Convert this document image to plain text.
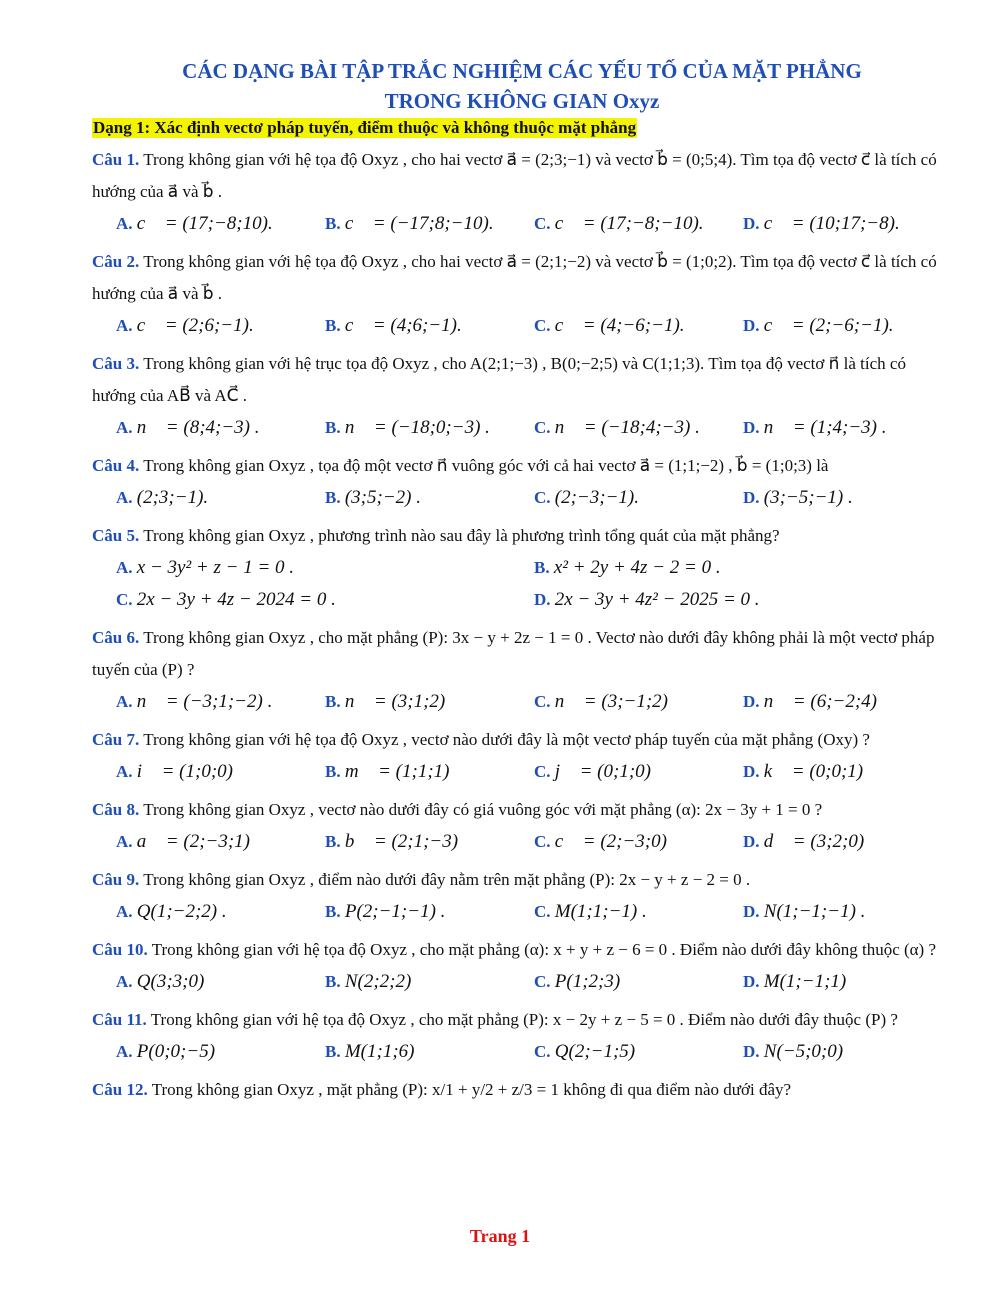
CÁC DẠNG BÀI TẬP TRẮC NGHIỆM CÁC YẾU TỐ CỦA MẶT PHẲNG
TRONG KHÔNG GIAN Oxyz
Dạng 1: Xác định vectơ pháp tuyến, điểm thuộc và không thuộc mặt phẳng
Câu 1. Trong không gian với hệ tọa độ Oxyz , cho hai vectơ a⃗ = (2;3;−1) và vectơ b⃗ = (0;5;4). Tìm tọa độ vectơ c⃗ là tích có hướng của a⃗ và b⃗ .
A. c⃗ = (17;−8;10).	B. c⃗ = (−17;8;−10).	C. c⃗ = (17;−8;−10).	D. c⃗ = (10;17;−8).
Câu 2. Trong không gian với hệ tọa độ Oxyz , cho hai vectơ a⃗ = (2;1;−2) và vectơ b⃗ = (1;0;2). Tìm tọa độ vectơ c⃗ là tích có hướng của a⃗ và b⃗ .
A. c⃗ = (2;6;−1).	B. c⃗ = (4;6;−1).	C. c⃗ = (4;−6;−1).	D. c⃗ = (2;−6;−1).
Câu 3. Trong không gian với hệ trục tọa độ Oxyz , cho A(2;1;−3) , B(0;−2;5) và C(1;1;3). Tìm tọa độ vectơ n⃗ là tích có hướng của AB⃗ và AC⃗ .
A. n⃗ = (8;4;−3) .	B. n⃗ = (−18;0;−3) .	C. n⃗ = (−18;4;−3) .	D. n⃗ = (1;4;−3) .
Câu 4. Trong không gian Oxyz , tọa độ một vectơ n⃗ vuông góc với cả hai vectơ a⃗ = (1;1;−2) , b⃗ = (1;0;3) là
A. (2;3;−1).	B. (3;5;−2) .	C. (2;−3;−1).	D. (3;−5;−1) .
Câu 5. Trong không gian Oxyz , phương trình nào sau đây là phương trình tổng quát của mặt phẳng?
A. x − 3y² + z − 1 = 0 .	B. x² + 2y + 4z − 2 = 0 .
C. 2x − 3y + 4z − 2024 = 0 .	D. 2x − 3y + 4z² − 2025 = 0 .
Câu 6. Trong không gian Oxyz , cho mặt phẳng (P): 3x − y + 2z − 1 = 0 . Vectơ nào dưới đây không phải là một vectơ pháp tuyến của (P) ?
A. n⃗ = (−3;1;−2) .	B. n⃗ = (3;1;2)	C. n⃗ = (3;−1;2)	D. n⃗ = (6;−2;4)
Câu 7. Trong không gian với hệ tọa độ Oxyz , vectơ nào dưới đây là một vectơ pháp tuyến của mặt phẳng (Oxy) ?
A. i⃗ = (1;0;0)	B. m⃗ = (1;1;1)	C. j⃗ = (0;1;0)	D. k⃗ = (0;0;1)
Câu 8. Trong không gian Oxyz , vectơ nào dưới đây có giá vuông góc với mặt phẳng (α): 2x − 3y + 1 = 0 ?
A. a⃗ = (2;−3;1)	B. b⃗ = (2;1;−3)	C. c⃗ = (2;−3;0)	D. d⃗ = (3;2;0)
Câu 9. Trong không gian Oxyz , điểm nào dưới đây nằm trên mặt phẳng (P): 2x − y + z − 2 = 0 .
A. Q(1;−2;2) .	B. P(2;−1;−1) .	C. M(1;1;−1) .	D. N(1;−1;−1) .
Câu 10. Trong không gian với hệ tọa độ Oxyz , cho mặt phẳng (α): x + y + z − 6 = 0 . Điểm nào dưới đây không thuộc (α) ?
A. Q(3;3;0)	B. N(2;2;2)	C. P(1;2;3)	D. M(1;−1;1)
Câu 11. Trong không gian với hệ tọa độ Oxyz , cho mặt phẳng (P): x − 2y + z − 5 = 0 . Điểm nào dưới đây thuộc (P) ?
A. P(0;0;−5)	B. M(1;1;6)	C. Q(2;−1;5)	D. N(−5;0;0)
Câu 12. Trong không gian Oxyz , mặt phẳng (P): x/1 + y/2 + z/3 = 1 không đi qua điểm nào dưới đây?
Trang 1
